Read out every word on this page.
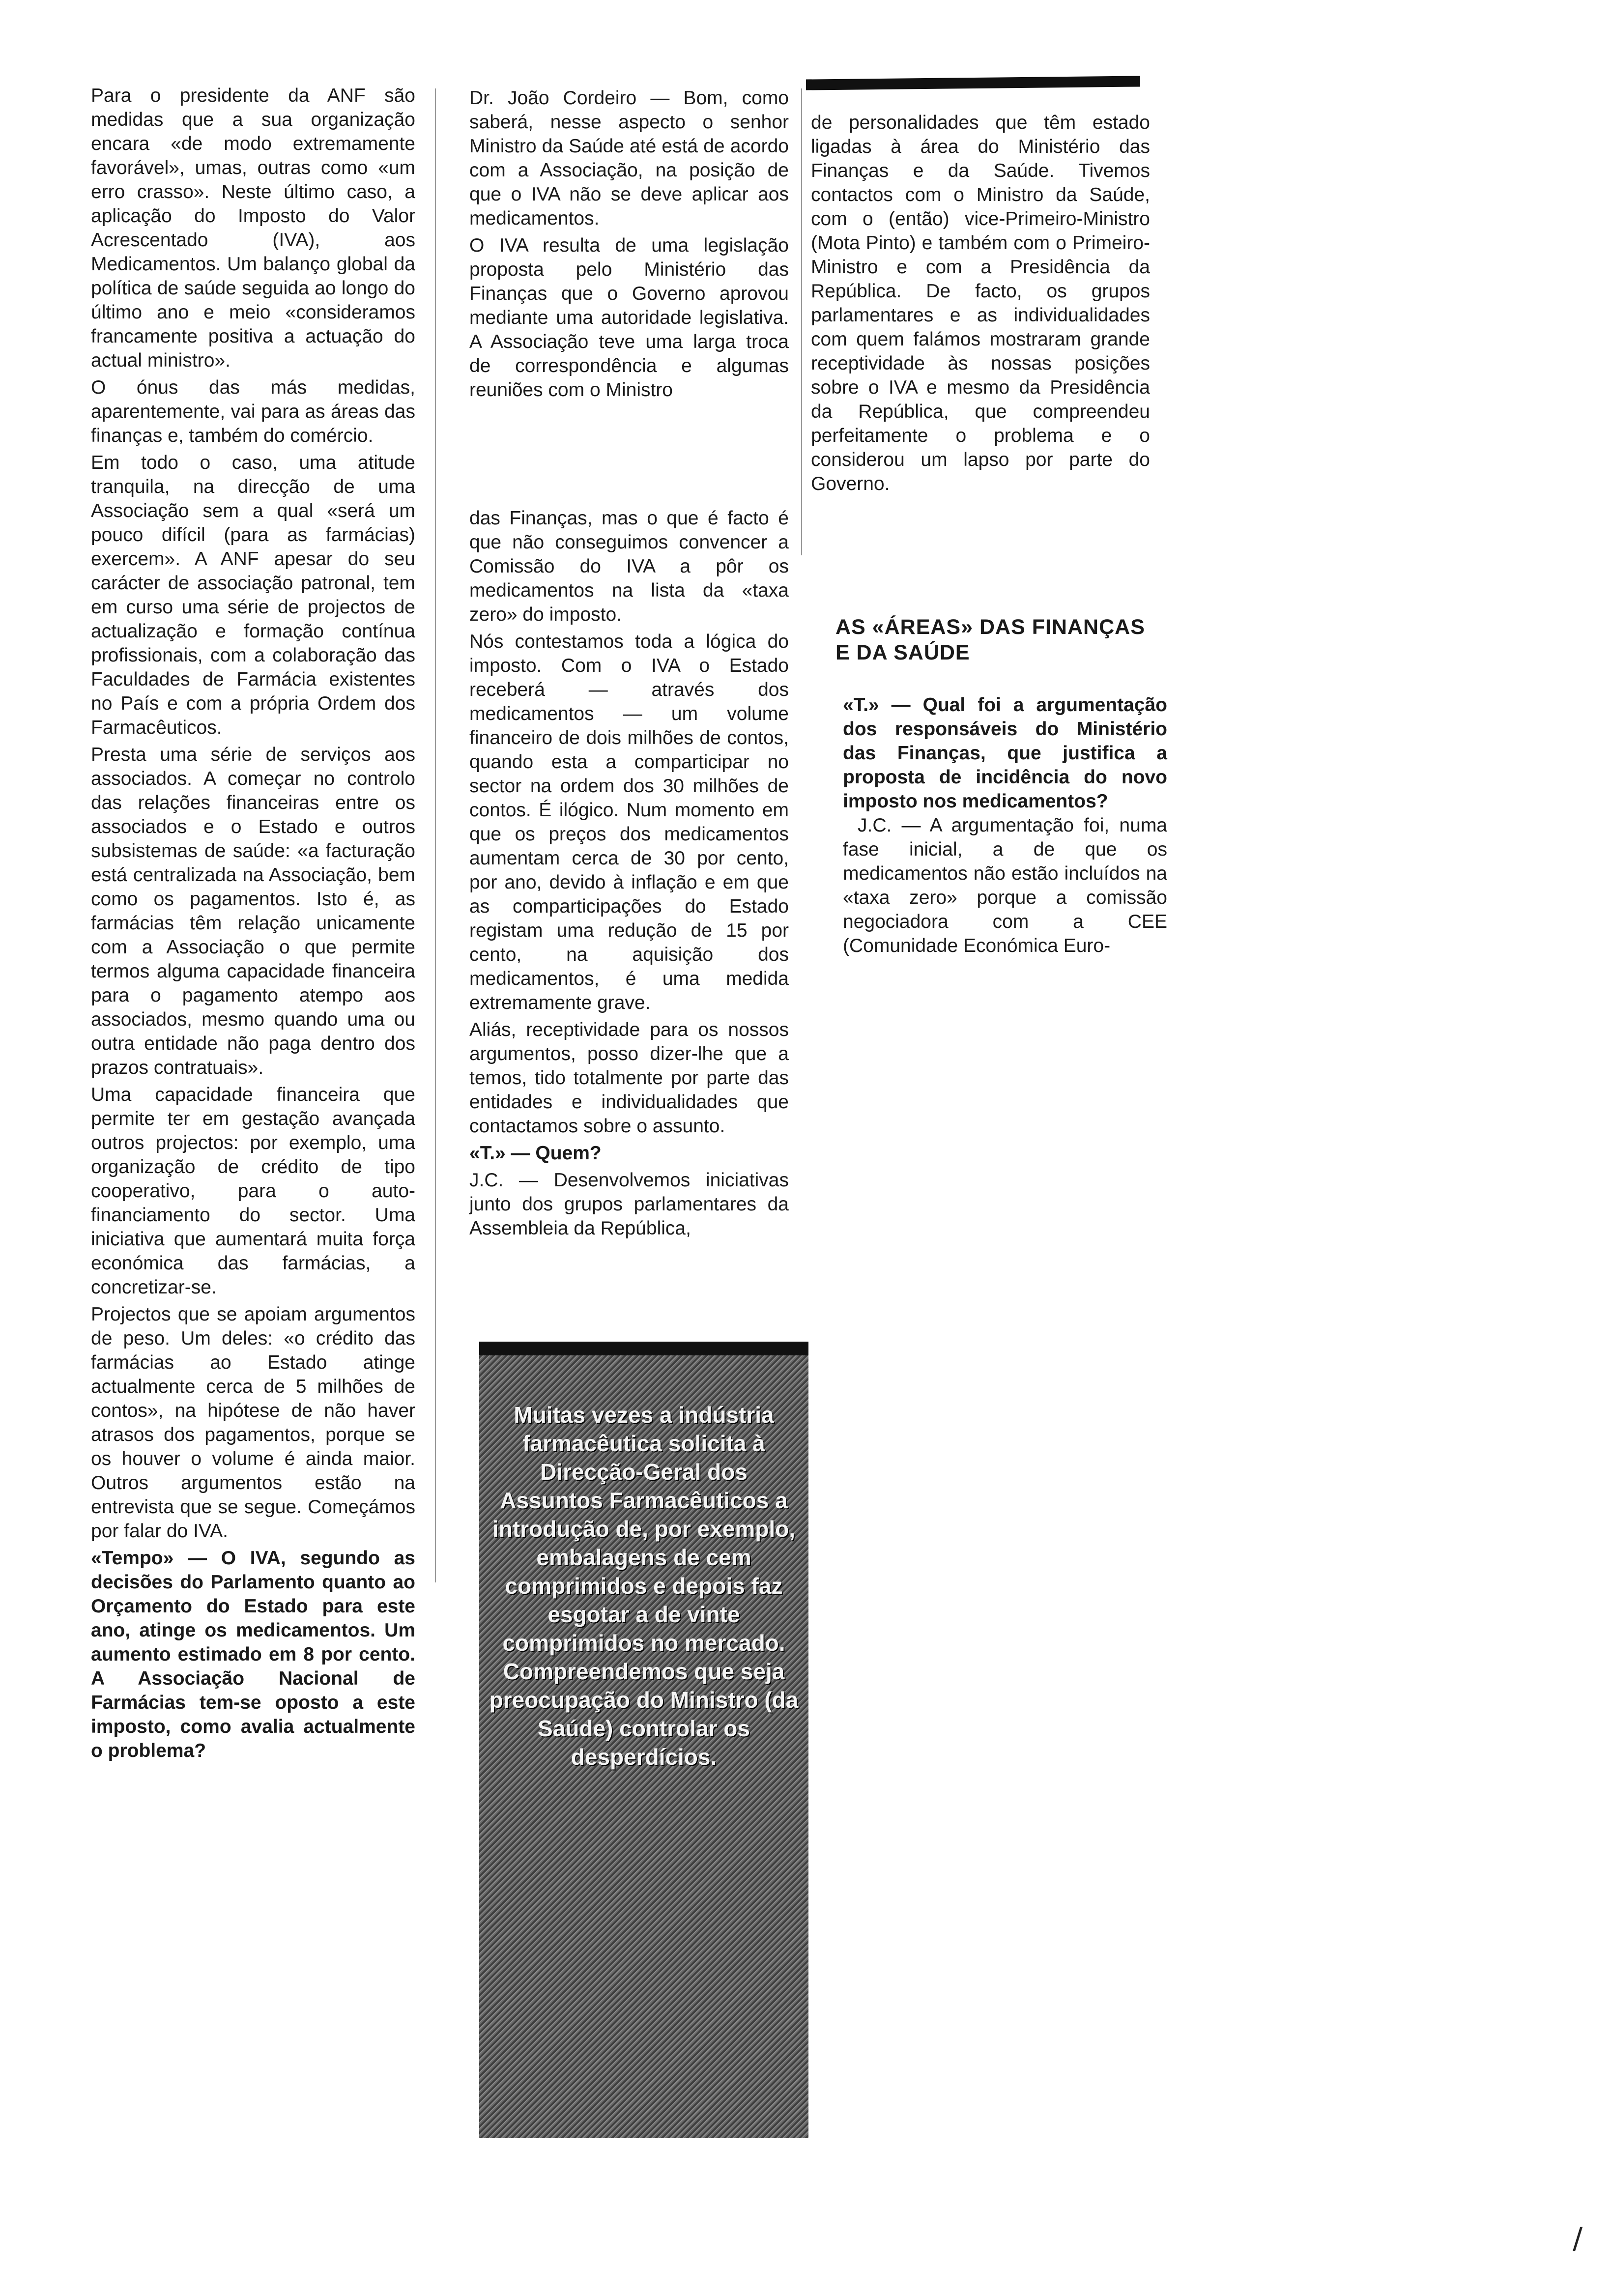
Para o presidente da ANF são medidas que a sua organização encara «de modo extremamente favorável», umas, outras como «um erro crasso». Neste último caso, a aplicação do Imposto do Valor Acrescentado (IVA), aos Medicamentos. Um balanço global da política de saúde seguida ao longo do último ano e meio «consideramos francamente positiva a actuação do actual ministro».

O ónus das más medidas, aparentemente, vai para as áreas das finanças e, também do comércio.

Em todo o caso, uma atitude tranquila, na direcção de uma Associação sem a qual «será um pouco difícil (para as farmácias) exercem». A ANF apesar do seu carácter de associação patronal, tem em curso uma série de projectos de actualização e formação contínua profissionais, com a colaboração das Faculdades de Farmácia existentes no País e com a própria Ordem dos Farmacêuticos.

Presta uma série de serviços aos associados. A começar no controlo das relações financeiras entre os associados e o Estado e outros subsistemas de saúde: «a facturação está centralizada na Associação, bem como os pagamentos. Isto é, as farmácias têm relação unicamente com a Associação o que permite termos alguma capacidade financeira para o pagamento atempo aos associados, mesmo quando uma ou outra entidade não paga dentro dos prazos contratuais».

Uma capacidade financeira que permite ter em gestação avançada outros projectos: por exemplo, uma organização de crédito de tipo cooperativo, para o auto-financiamento do sector. Uma iniciativa que aumentará muita força económica das farmácias, a concretizar-se.

Projectos que se apoiam argumentos de peso. Um deles: «o crédito das farmácias ao Estado atinge actualmente cerca de 5 milhões de contos», na hipótese de não haver atrasos dos pagamentos, porque se os houver o volume é ainda maior. Outros argumentos estão na entrevista que se segue. Começámos por falar do IVA.

«Tempo» — O IVA, segundo as decisões do Parlamento quanto ao Orçamento do Estado para este ano, atinge os medicamentos. Um aumento estimado em 8 por cento. A Associação Nacional de Farmácias tem-se oposto a este imposto, como avalia actualmente o problema?

Dr. João Cordeiro — Bom, como saberá, nesse aspecto o senhor Ministro da Saúde até está de acordo com a Associação, na posição de que o IVA não se deve aplicar aos medicamentos.

O IVA resulta de uma legislação proposta pelo Ministério das Finanças que o Governo aprovou mediante uma autoridade legislativa. A Associação teve uma larga troca de correspondência e algumas reuniões com o Ministro

das Finanças, mas o que é facto é que não conseguimos convencer a Comissão do IVA a pôr os medicamentos na lista da «taxa zero» do imposto.

Nós contestamos toda a lógica do imposto. Com o IVA o Estado receberá — através dos medicamentos — um volume financeiro de dois milhões de contos, quando esta a comparticipar no sector na ordem dos 30 milhões de contos. É ilógico. Num momento em que os preços dos medicamentos aumentam cerca de 30 por cento, por ano, devido à inflação e em que as comparticipações do Estado registam uma redução de 15 por cento, na aquisição dos medicamentos, é uma medida extremamente grave.

Aliás, receptividade para os nossos argumentos, posso dizer-lhe que a temos, tido totalmente por parte das entidades e individualidades que contactamos sobre o assunto.

«T.» — Quem?

J.C. — Desenvolvemos iniciativas junto dos grupos parlamentares da Assembleia da República,

de personalidades que têm estado ligadas à área do Ministério das Finanças e da Saúde. Tivemos contactos com o Ministro da Saúde, com o (então) vice-Primeiro-Ministro (Mota Pinto) e também com o Primeiro-Ministro e com a Presidência da República. De facto, os grupos parlamentares e as individualidades com quem falámos mostraram grande receptividade às nossas posições sobre o IVA e mesmo da Presidência da República, que compreendeu perfeitamente o problema e o considerou um lapso por parte do Governo.

AS «ÁREAS» DAS FINANÇAS E DA SAÚDE

«T.» — Qual foi a argumentação dos responsáveis do Ministério das Finanças, que justifica a proposta de incidência do novo imposto nos medicamentos?

J.C. — A argumentação foi, numa fase inicial, a de que os medicamentos não estão incluídos na «taxa zero» porque a comissão negociadora com a CEE (Comunidade Económica Euro-

Muitas vezes a indústria farmacêutica solicita à Direcção-Geral dos Assuntos Farmacêuticos a introdução de, por exemplo, embalagens de cem comprimidos e depois faz esgotar a de vinte comprimidos no mercado. Compreendemos que seja preocupação do Ministro (da Saúde) controlar os desperdícios.
∕
